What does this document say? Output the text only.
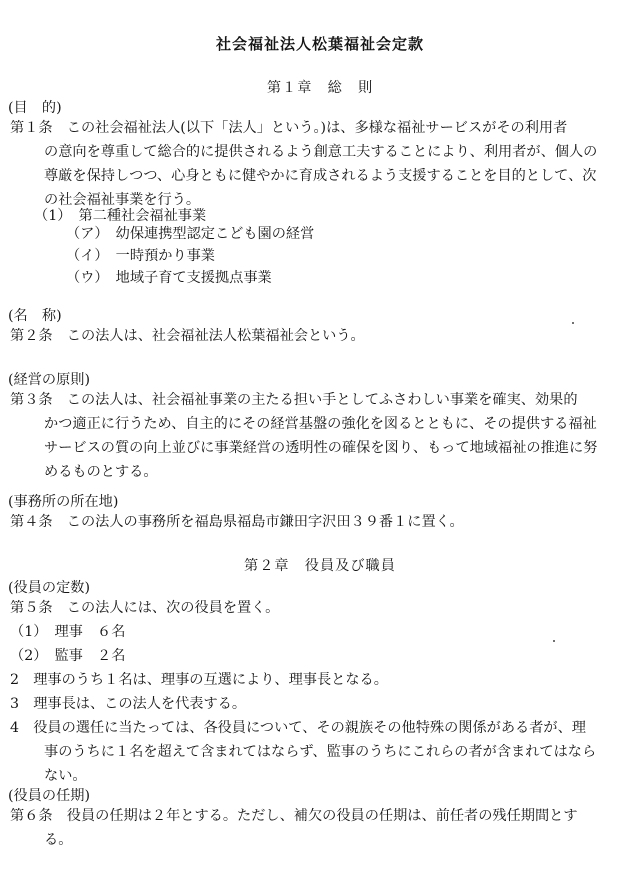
社会福祉法人松葉福祉会定款
第１章　総　則
(目　的)
第１条　この社会福祉法人(以下「法人」という。)は、多様な福祉サービスがその利用者
の意向を尊重して総合的に提供されるよう創意工夫することにより、利用者が、個人の
尊厳を保持しつつ、心身ともに健やかに育成されるよう支援することを目的として、次
の社会福祉事業を行う。
（1）　第二種社会福祉事業
（ア）　幼保連携型認定こども園の経営
（イ）　一時預かり事業
（ウ）　地域子育て支援拠点事業
(名　称)
第２条　この法人は、社会福祉法人松葉福祉会という。
(経営の原則)
第３条　この法人は、社会福祉事業の主たる担い手としてふさわしい事業を確実、効果的
かつ適正に行うため、自主的にその経営基盤の強化を図るとともに、その提供する福祉
サービスの質の向上並びに事業経営の透明性の確保を図り、もって地域福祉の推進に努
めるものとする。
(事務所の所在地)
第４条　この法人の事務所を福島県福島市鎌田字沢田３９番１に置く。
第２章　役員及び職員
(役員の定数)
第５条　この法人には、次の役員を置く。
（1）　理事　６名
（2）　監事　２名
2　理事のうち１名は、理事の互選により、理事長となる。
3　理事長は、この法人を代表する。
4　役員の選任に当たっては、各役員について、その親族その他特殊の関係がある者が、理
事のうちに１名を超えて含まれてはならず、監事のうちにこれらの者が含まれてはなら
ない。
(役員の任期)
第６条　役員の任期は２年とする。ただし、補欠の役員の任期は、前任者の残任期間とす
る。
